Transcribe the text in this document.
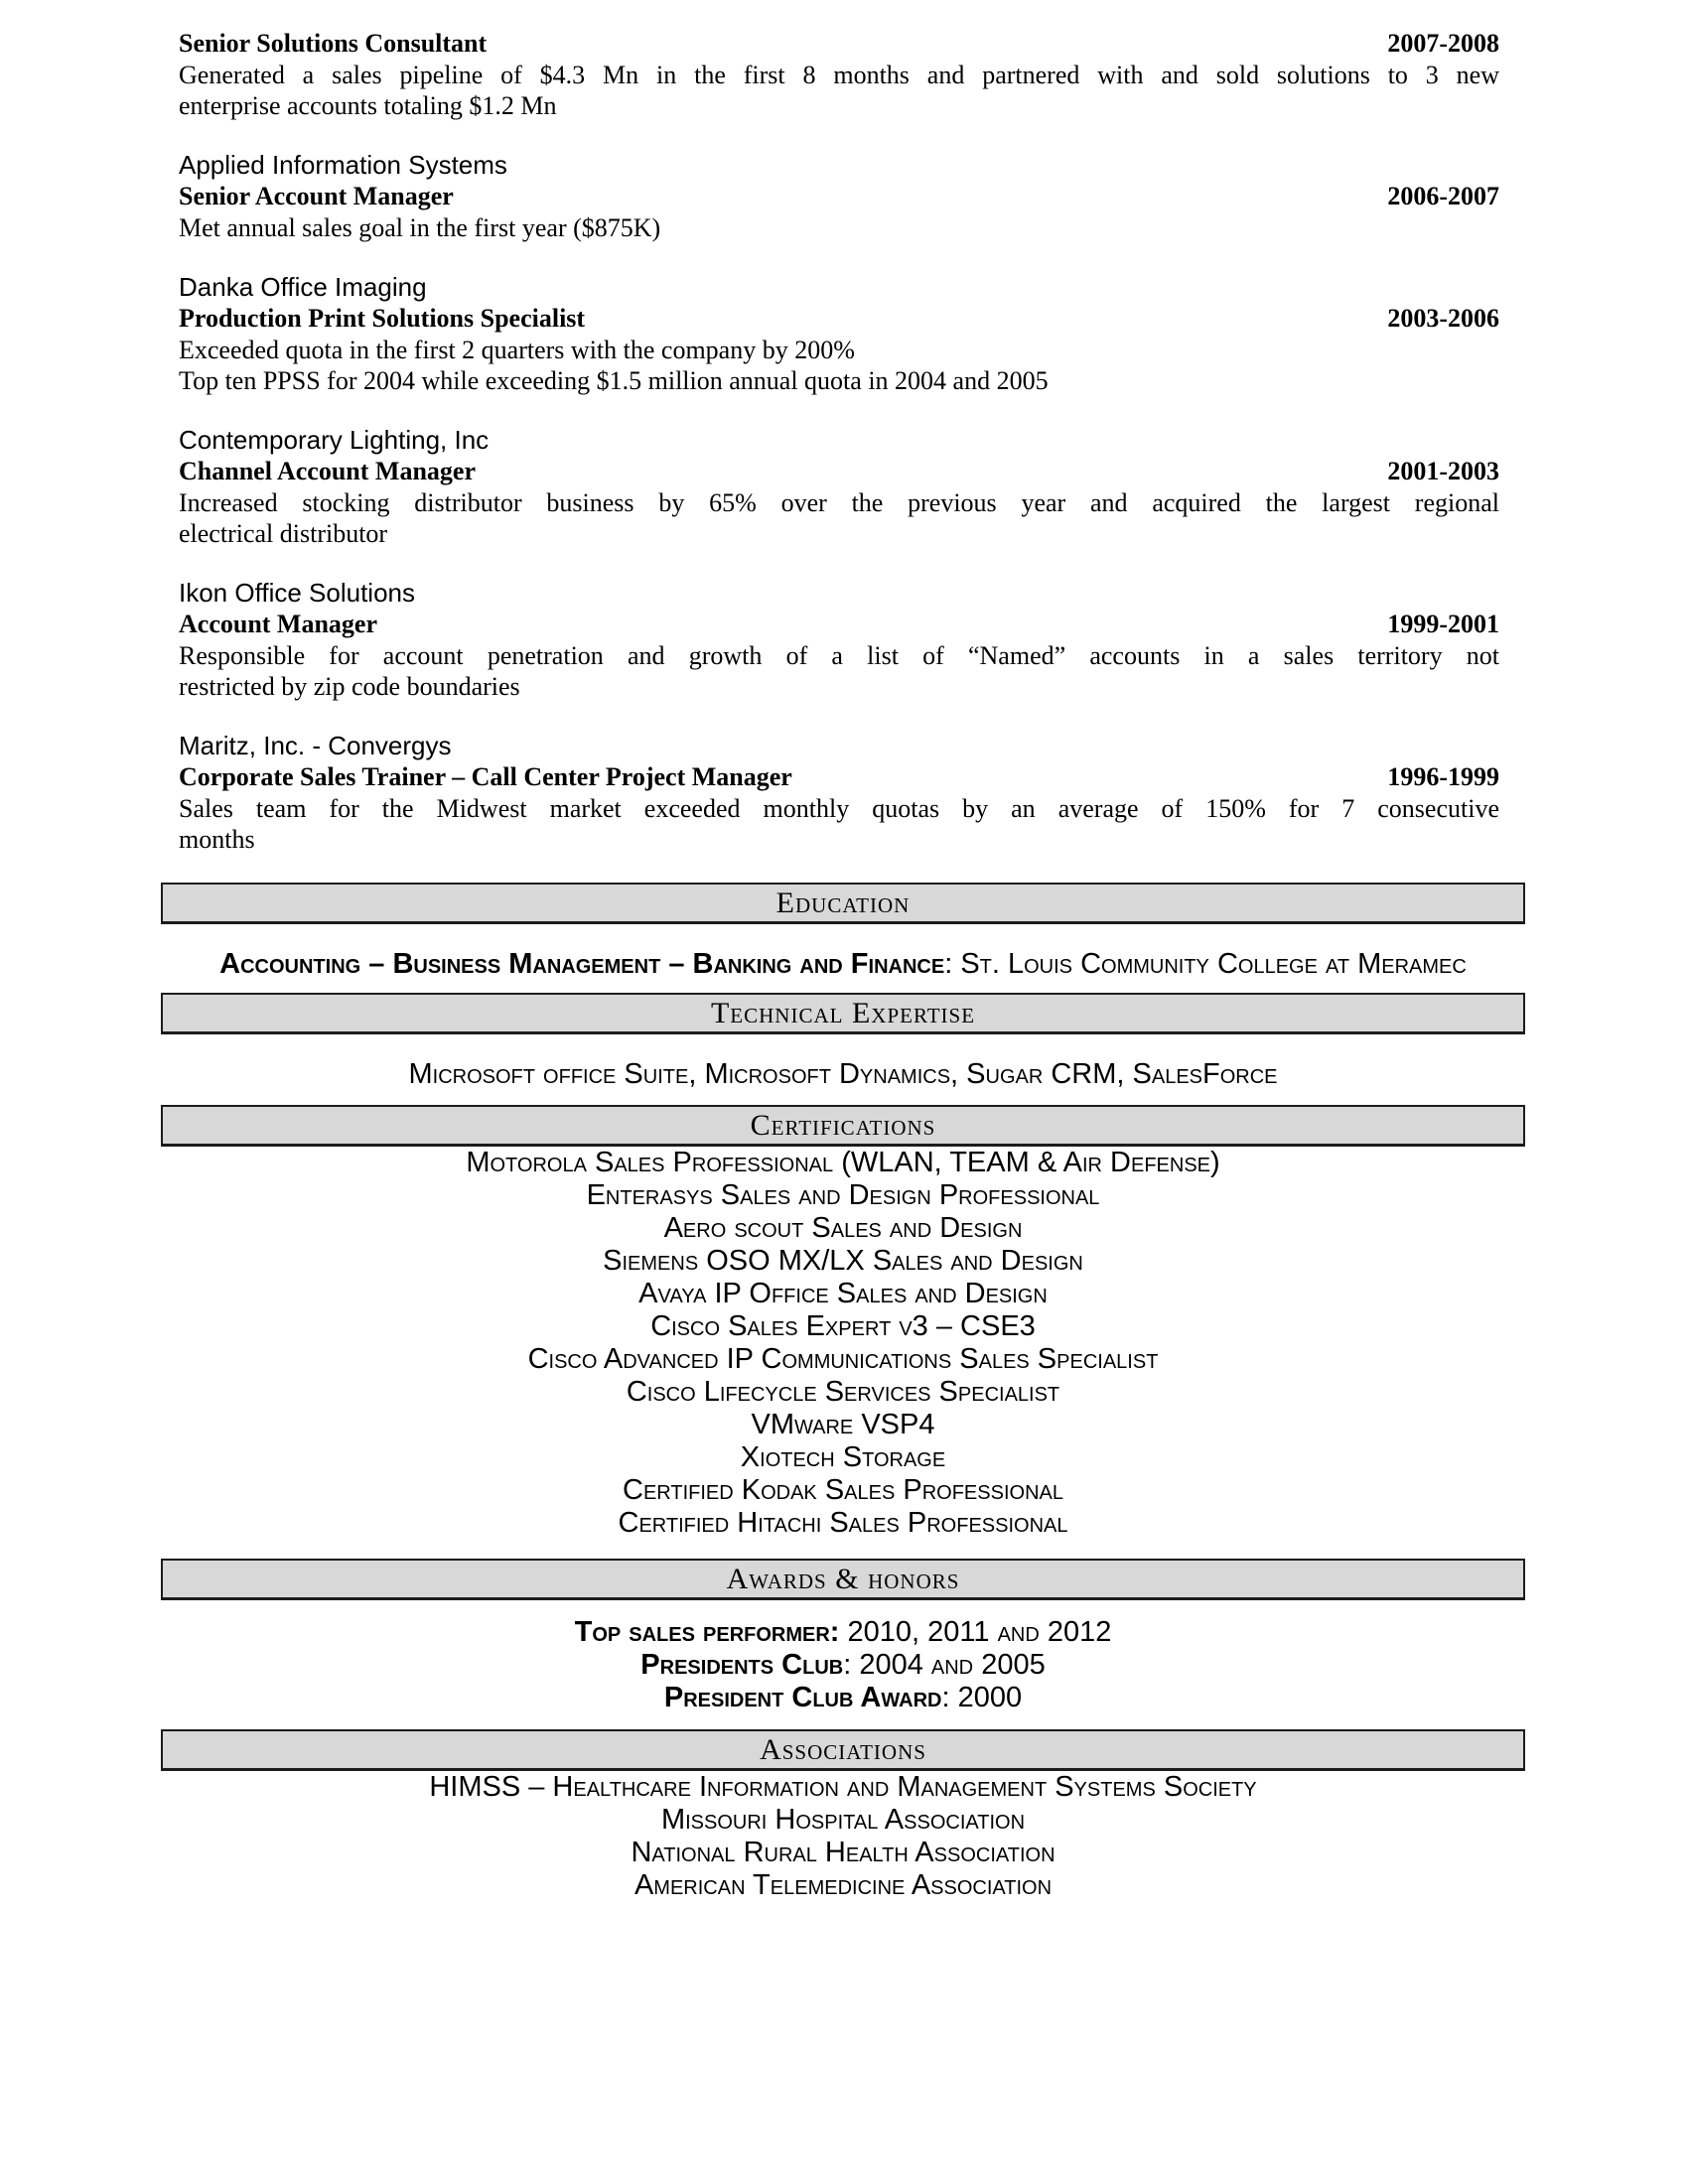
Senior Solutions Consultant	2007-2008
Generated a sales pipeline of $4.3 Mn in the first 8 months and partnered with and sold solutions to 3 new
enterprise accounts totaling $1.2 Mn
Applied Information Systems
Senior Account Manager	2006-2007
Met annual sales goal in the first year ($875K)
Danka Office Imaging
Production Print Solutions Specialist	2003-2006
Exceeded quota in the first 2 quarters with the company by 200%
Top ten PPSS for 2004 while exceeding $1.5 million annual quota in 2004 and 2005
Contemporary Lighting, Inc
Channel Account Manager	2001-2003
Increased stocking distributor business by 65% over the previous year and acquired the largest regional
electrical distributor
Ikon Office Solutions
Account Manager	1999-2001
Responsible for account penetration and growth of a list of “Named” accounts in a sales territory not
restricted by zip code boundaries
Maritz, Inc. - Convergys
Corporate Sales Trainer – Call Center Project Manager	1996-1999
Sales team for the Midwest market exceeded monthly quotas by an average of 150% for 7 consecutive
months
Education
Accounting – Business Management – Banking and Finance: St. Louis Community College at Meramec
Technical Expertise
Microsoft office Suite, Microsoft Dynamics, Sugar CRM, SalesForce
Certifications
Motorola Sales Professional (WLAN, TEAM & Air Defense)
Enterasys Sales and Design Professional
Aero scout Sales and Design
Siemens OSO MX/LX Sales and Design
Avaya IP Office Sales and Design
Cisco Sales Expert v3 – CSE3
Cisco Advanced IP Communications Sales Specialist
Cisco Lifecycle Services Specialist
VMware VSP4
Xiotech Storage
Certified Kodak Sales Professional
Certified Hitachi Sales Professional
Awards & honors
Top sales performer: 2010, 2011 and 2012
Presidents Club: 2004 and 2005
President Club Award: 2000
Associations
HIMSS – Healthcare Information and Management Systems Society
Missouri Hospital Association
National Rural Health Association
American Telemedicine Association
